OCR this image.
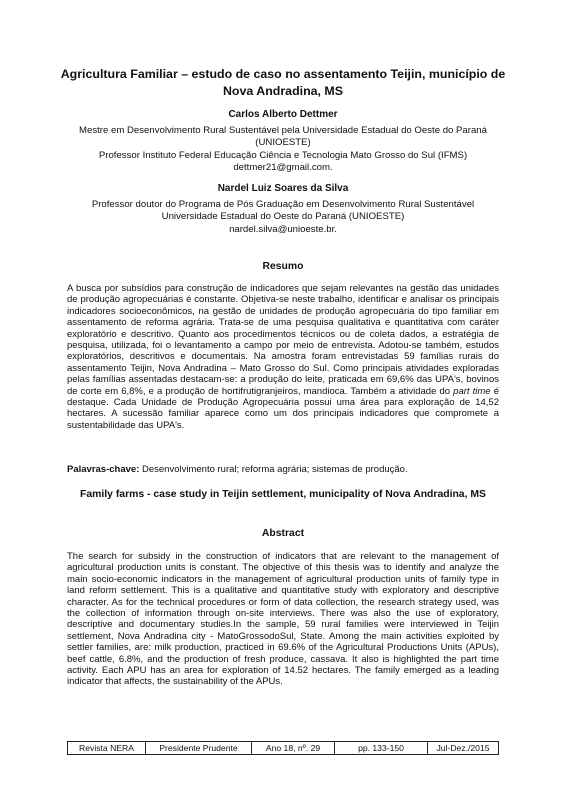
Agricultura Familiar – estudo de caso no assentamento Teijin, município de Nova Andradina, MS
Carlos Alberto Dettmer
Mestre em Desenvolvimento Rural Sustentável pela Universidade Estadual do Oeste do Paraná (UNIOESTE)
Professor Instituto Federal Educação Ciência e Tecnologia Mato Grosso do Sul (IFMS)
dettmer21@gmail.com.
Nardel Luiz Soares da Silva
Professor doutor do Programa de Pós Graduação em Desenvolvimento Rural Sustentável Universidade Estadual do Oeste do Paraná (UNIOESTE)
nardel.silva@unioeste.br.
Resumo
A busca por subsídios para construção de indicadores que sejam relevantes na gestão das unidades de produção agropecuárias é constante. Objetiva-se neste trabalho, identificar e analisar os principais indicadores socioeconômicos, na gestão de unidades de produção agropecuária do tipo familiar em assentamento de reforma agrária. Trata-se de uma pesquisa qualitativa e quantitativa com caráter exploratório e descritivo. Quanto aos procedimentos técnicos ou de coleta dados, a estratégia de pesquisa, utilizada, foi o levantamento a campo por meio de entrevista. Adotou-se também, estudos exploratórios, descritivos e documentais. Na amostra foram entrevistadas 59 famílias rurais do assentamento Teijin, Nova Andradina – Mato Grosso do Sul. Como principais atividades exploradas pelas famílias assentadas destacam-se: a produção do leite, praticada em 69,6% das UPA's, bovinos de corte em 6,8%, e a produção de hortifrutigranjeiros, mandioca. Também a atividade do part time é destaque. Cada Unidade de Produção Agropecuária possui uma área para exploração de 14,52 hectares. A sucessão familiar aparece como um dos principais indicadores que compromete a sustentabilidade das UPA's.
Palavras-chave: Desenvolvimento rural; reforma agrária; sistemas de produção.
Family farms - case study in Teijin settlement, municipality of Nova Andradina, MS
Abstract
The search for subsidy in the construction of indicators that are relevant to the management of agricultural production units is constant. The objective of this thesis was to identify and analyze the main socio-economic indicators in the management of agricultural production units of family type in land reform settlement. This is a qualitative and quantitative study with exploratory and descriptive character. As for the technical procedures or form of data collection, the research strategy used, was the collection of information through on-site interviews. There was also the use of exploratory, descriptive and documentary studies.In the sample, 59 rural families were interviewed in Teijin settlement, Nova Andradina city - MatoGrossodoSul, State. Among the main activities exploited by settler families, are: milk production, practiced in 69.6% of the Agricultural Productions Units (APUs), beef cattle, 6.8%, and the production of fresh produce, cassava. It also is highlighted the part time activity. Each APU has an area for exploration of 14.52 hectares. The family emerged as a leading indicator that affects, the sustainability of the APUs.
Revista NERA	Presidente Prudente	Ano 18, nº. 29	pp. 133-150	Jul-Dez./2015
